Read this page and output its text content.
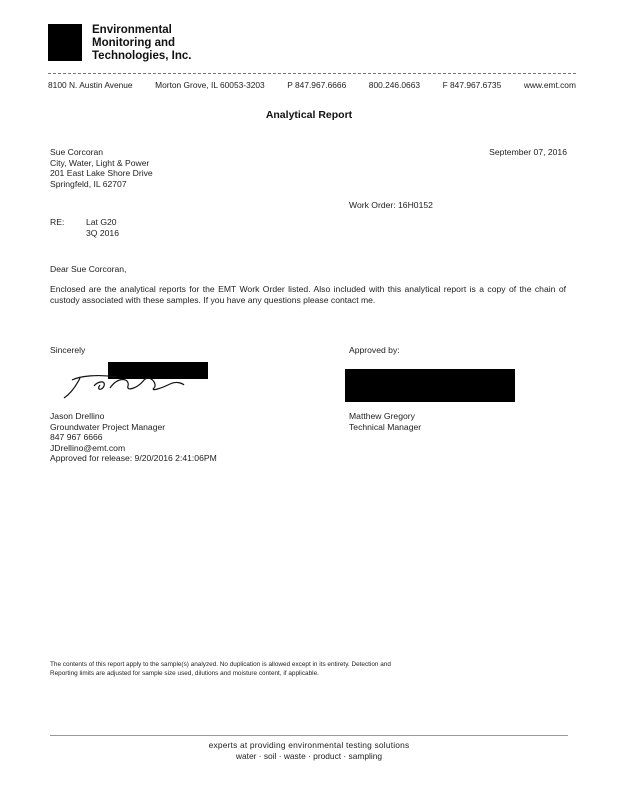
Environmental
Monitoring and
Technologies, Inc.
8100 N. Austin Avenue	Morton Grove, IL 60053-3203	P 847.967.6666	800.246.0663	F 847.967.6735	www.emt.com
Analytical Report
Sue Corcoran
City, Water, Light & Power
201 East Lake Shore Drive
Springfeld, IL 62707
September 07, 2016
Work Order: 16H0152
RE:	Lat G20
3Q 2016
Dear Sue Corcoran,
Enclosed are the analytical reports for the EMT Work Order listed. Also included with this analytical report is a copy of the chain of custody associated with these samples. If you have any questions please contact me.
Sincerely	Approved by:
Jason Drellino
Groundwater Project Manager
847 967 6666
JDrellino@emt.com
Approved for release: 9/20/2016 2:41:06PM
Matthew Gregory
Technical Manager
The contents of this report apply to the sample(s) analyzed. No duplication is allowed except in its entirety. Detection and
Reporting limits are adjusted for sample size used, dilutions and moisture content, if applicable.
experts at providing environmental testing solutions
water · soil · waste · product · sampling
